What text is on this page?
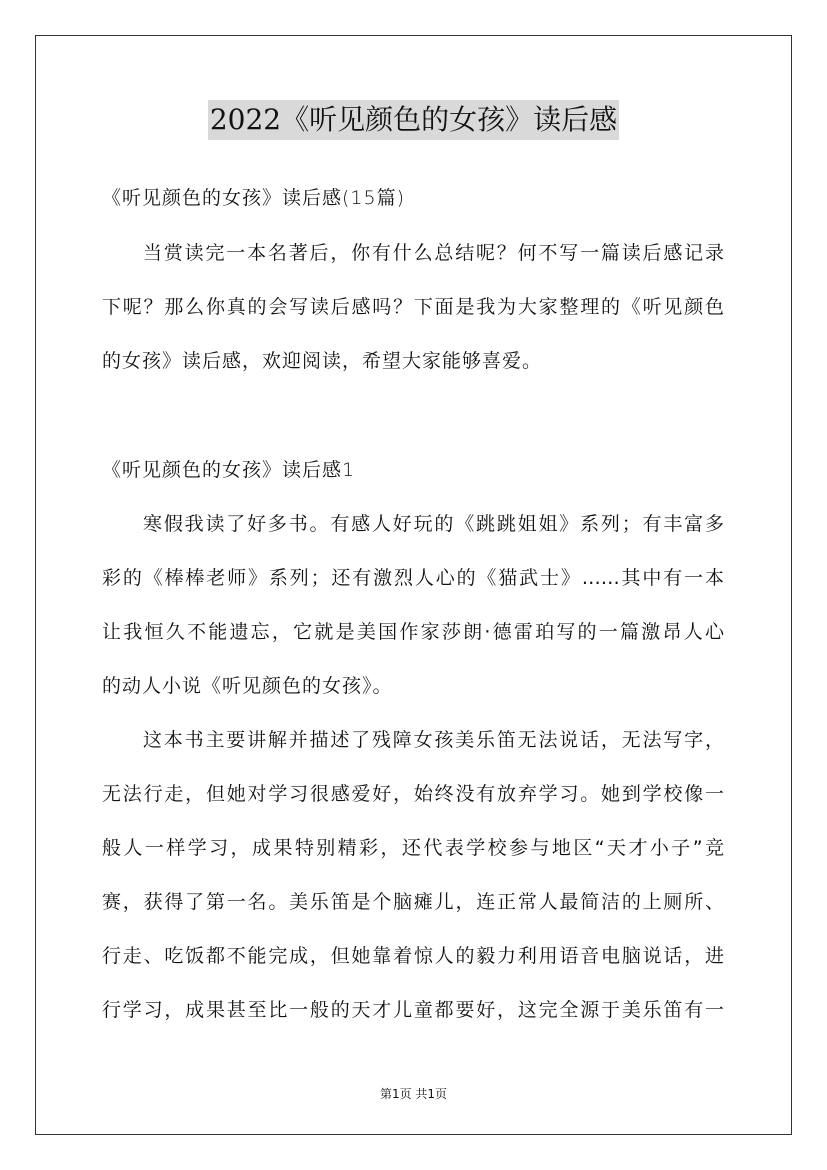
2022《听见颜色的女孩》读后感
《听见颜色的女孩》读后感(15篇)
当赏读完一本名著后，你有什么总结呢？何不写一篇读后感记录
下呢？那么你真的会写读后感吗？下面是我为大家整理的《听见颜色
的女孩》读后感，欢迎阅读，希望大家能够喜爱。
《听见颜色的女孩》读后感1
寒假我读了好多书。有感人好玩的《跳跳姐姐》系列；有丰富多
彩的《棒棒老师》系列；还有激烈人心的《猫武士》……其中有一本
让我恒久不能遗忘，它就是美国作家莎朗·德雷珀写的一篇激昂人心
的动人小说《听见颜色的女孩》。
这本书主要讲解并描述了残障女孩美乐笛无法说话，无法写字，
无法行走，但她对学习很感爱好，始终没有放弃学习。她到学校像一
般人一样学习，成果特别精彩，还代表学校参与地区“天才小子”竞
赛，获得了第一名。美乐笛是个脑瘫儿，连正常人最简洁的上厕所、
行走、吃饭都不能完成，但她靠着惊人的毅力利用语音电脑说话，进
行学习，成果甚至比一般的天才儿童都要好，这完全源于美乐笛有一
第1页 共1页
